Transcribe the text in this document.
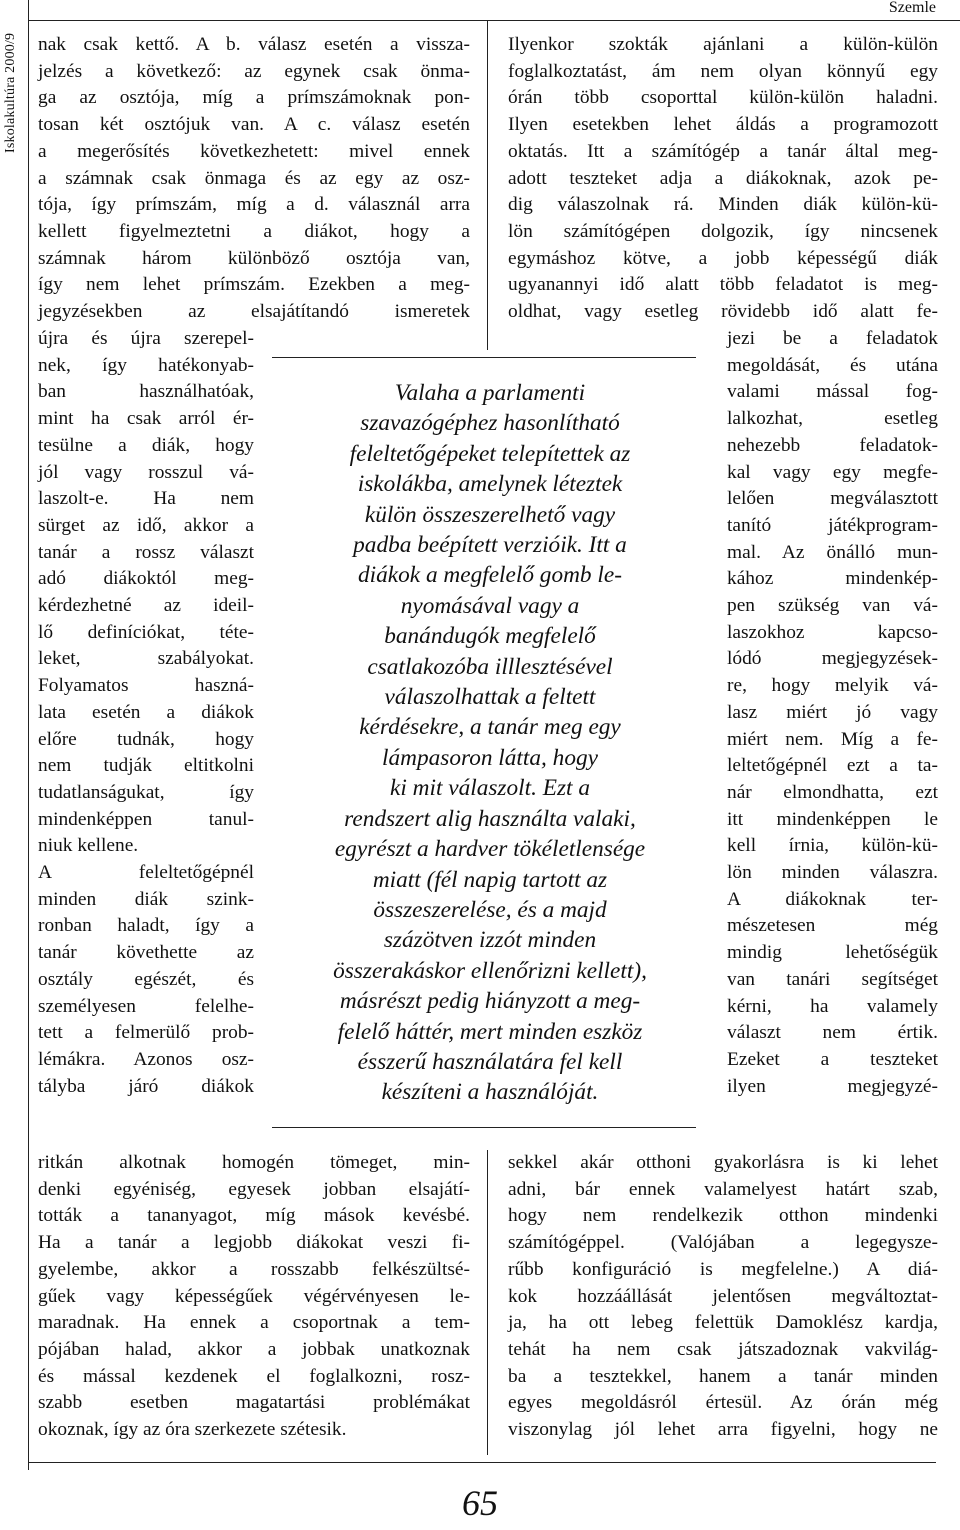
Iskolakultúra 2000/9
Szemle
nak csak kettő. A b. válasz esetén a vissza-
jelzés a következő: az egynek csak önma-
ga az osztója, míg a prímszámoknak pon-
tosan két osztójuk van. A c. válasz esetén
a megerősítés következhetett: mivel ennek
a számnak csak önmaga és az egy az osz-
tója, így prímszám, míg a d. válasznál arra
kellett figyelmeztetni a diákot, hogy a
számnak három különböző osztója van,
így nem lehet prímszám. Ezekben a meg-
jegyzésekben az elsajátítandó ismeretek
újra és újra szerepel-
nek, így hatékonyab-
ban használhatóak,
mint ha csak arról ér-
tesülne a diák, hogy
jól vagy rosszul vá-
laszolt-e. Ha nem
sürget az idő, akkor a
tanár a rossz választ
adó diákoktól meg-
kérdezhetné az ideil-
lő definíciókat, téte-
leket, szabályokat.
Folyamatos haszná-
lata esetén a diákok
előre tudnák, hogy
nem tudják eltitkolni
tudatlanságukat, így
mindenképpen tanul-
niuk kellene.
A feleltetőgépnél
minden diák szink-
ronban haladt, így a
tanár követhette az
osztály egészét, és
személyesen felelhe-
tett a felmerülő prob-
lémákra. Azonos osz-
tályba járó diákok
ritkán alkotnak homogén tömeget, min-
denki egyéniség, egyesek jobban elsajátí-
tották a tananyagot, míg mások kevésbé.
Ha a tanár a legjobb diákokat veszi fi-
gyelembe, akkor a rosszabb felkészültsé-
gűek vagy képességűek végérvényesen le-
maradnak. Ha ennek a csoportnak a tem-
pójában halad, akkor a jobbak unatkoznak
és mással kezdenek el foglalkozni, rosz-
szabb esetben magatartási problémákat
okoznak, így az óra szerkezete szétesik.
Ilyenkor szokták ajánlani a külön-külön
foglalkoztatást, ám nem olyan könnyű egy
órán több csoporttal külön-külön haladni.
Ilyen esetekben lehet áldás a programozott
oktatás. Itt a számítógép a tanár által meg-
adott teszteket adja a diákoknak, azok pe-
dig válaszolnak rá. Minden diák külön-kü-
lön számítógépen dolgozik, így nincsenek
egymáshoz kötve, a jobb képességű diák
ugyanannyi idő alatt több feladatot is meg-
oldhat, vagy esetleg rövidebb idő alatt fe-
jezi be a feladatok
megoldását, és utána
valami mással fog-
lalkozhat, esetleg
nehezebb feladatok-
kal vagy egy megfe-
lelően megválasztott
tanító játékprogram-
mal. Az önálló mun-
kához mindenkép-
pen szükség van vá-
laszokhoz kapcso-
lódó megjegyzések-
re, hogy melyik vá-
lasz miért jó vagy
miért nem. Míg a fe-
leltetőgépnél ezt a ta-
nár elmondhatta, ezt
itt mindenképpen le
kell írnia, külön-kü-
lön minden válaszra.
A diákoknak ter-
mészetesen még
mindig lehetőségük
van tanári segítséget
kérni, ha valamely
választ nem értik.
Ezeket a teszteket
ilyen megjegyzé-
sekkel akár otthoni gyakorlásra is ki lehet
adni, bár ennek valamelyest határt szab,
hogy nem rendelkezik otthon mindenki
számítógéppel. (Valójában a legegysze-
rűbb konfiguráció is megfelelne.) A diá-
kok hozzáállását jelentősen megváltoztat-
ja, ha ott lebeg felettük Damoklész kardja,
tehát ha nem csak játszadoznak vakvilág-
ba a tesztekkel, hanem a tanár minden
egyes megoldásról értesül. Az órán még
viszonylag jól lehet arra figyelni, hogy ne
Valaha a parlamenti
szavazógéphez hasonlítható
feleltetőgépeket telepítettek az
iskolákba, amelynek léteztek
külön összeszerelhető vagy
padba beépített verzióik. Itt a
diákok a megfelelő gomb le-
nyomásával vagy a
banándugók megfelelő
csatlakozóba illlesztésével
válaszolhattak a feltett
kérdésekre, a tanár meg egy
lámpasoron látta, hogy
ki mit válaszolt. Ezt a
rendszert alig használta valaki,
egyrészt a hardver tökéletlensége
miatt (fél napig tartott az
összeszerelése, és a majd
százötven izzót minden
összerakáskor ellenőrizni kellett),
másrészt pedig hiányzott a meg-
felelő háttér, mert minden eszköz
ésszerű használatára fel kell
készíteni a használóját.
65
